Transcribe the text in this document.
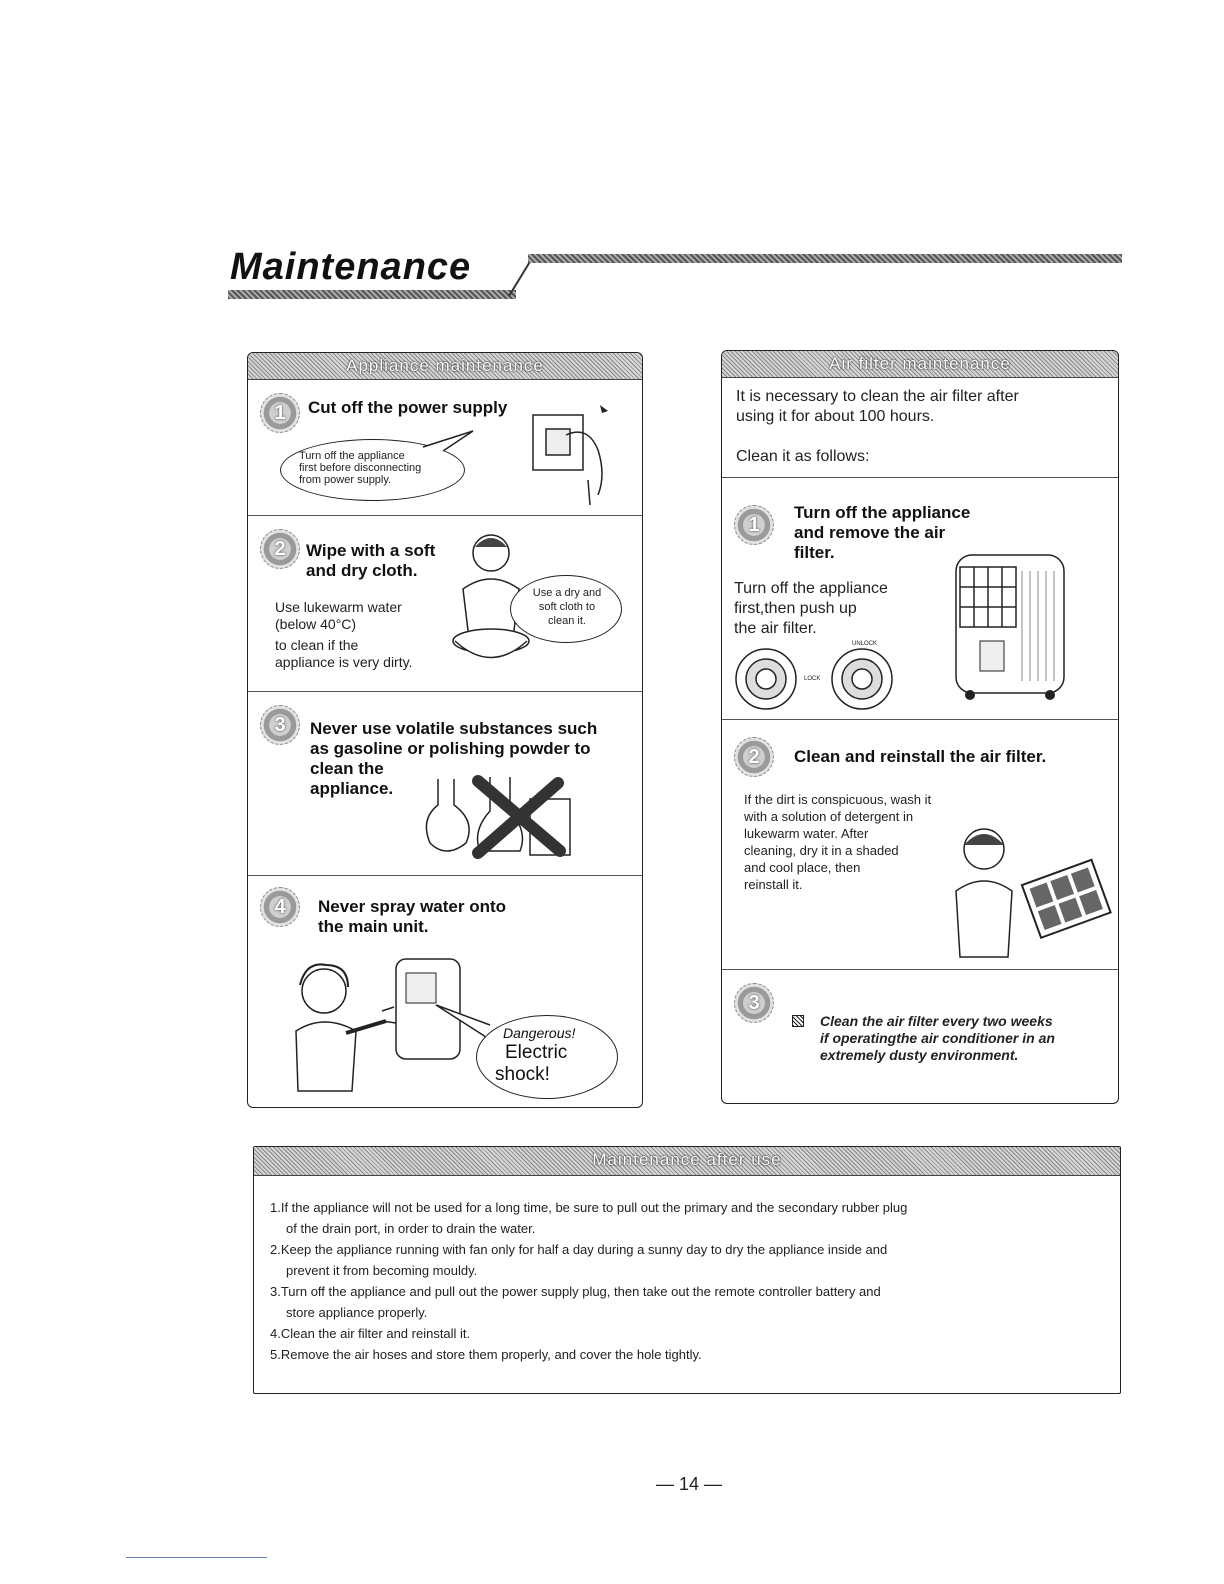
Maintenance
Appliance maintenance
1	Cut off the power supply
Turn off the appliance
first before disconnecting
from power supply.
2	Wipe with a soft
and dry cloth.
Use lukewarm water
(below 40°C)
to clean if the
appliance is very dirty.
Use a dry and
soft cloth to
clean it.
3	Never use volatile substances such
as gasoline or polishing powder to
clean the
appliance.
4	Never spray water onto
the main unit.
Dangerous!
Electric
shock!
Air filter maintenance
It is necessary to clean the air filter after
using it for about 100 hours.
Clean it as follows:
1
Turn off the appliance
and remove the air
filter.
Turn off the appliance
first,then push up
the air filter.
LOCK
UNLOCK
2	Clean and reinstall the air filter.
If the dirt is conspicuous, wash it
with a solution of detergent in
lukewarm water. After
cleaning, dry it in a shaded
and cool place, then
reinstall it.
3
Clean the air filter every two weeks
if operatingthe air conditioner in an
extremely dusty environment.
Maintenance after use
1.If the appliance will not be used for a long time, be sure to pull out the primary and the secondary rubber plug
of the drain port, in order to drain the water.
2.Keep the appliance running with fan only for half a day during a sunny day to dry the appliance inside and
prevent it from becoming mouldy.
3.Turn off the appliance and pull out the power supply plug, then take out the remote controller battery and
store appliance properly.
4.Clean the air filter and reinstall it.
5.Remove the air hoses and store them properly, and cover the hole tightly.
— 14 —
